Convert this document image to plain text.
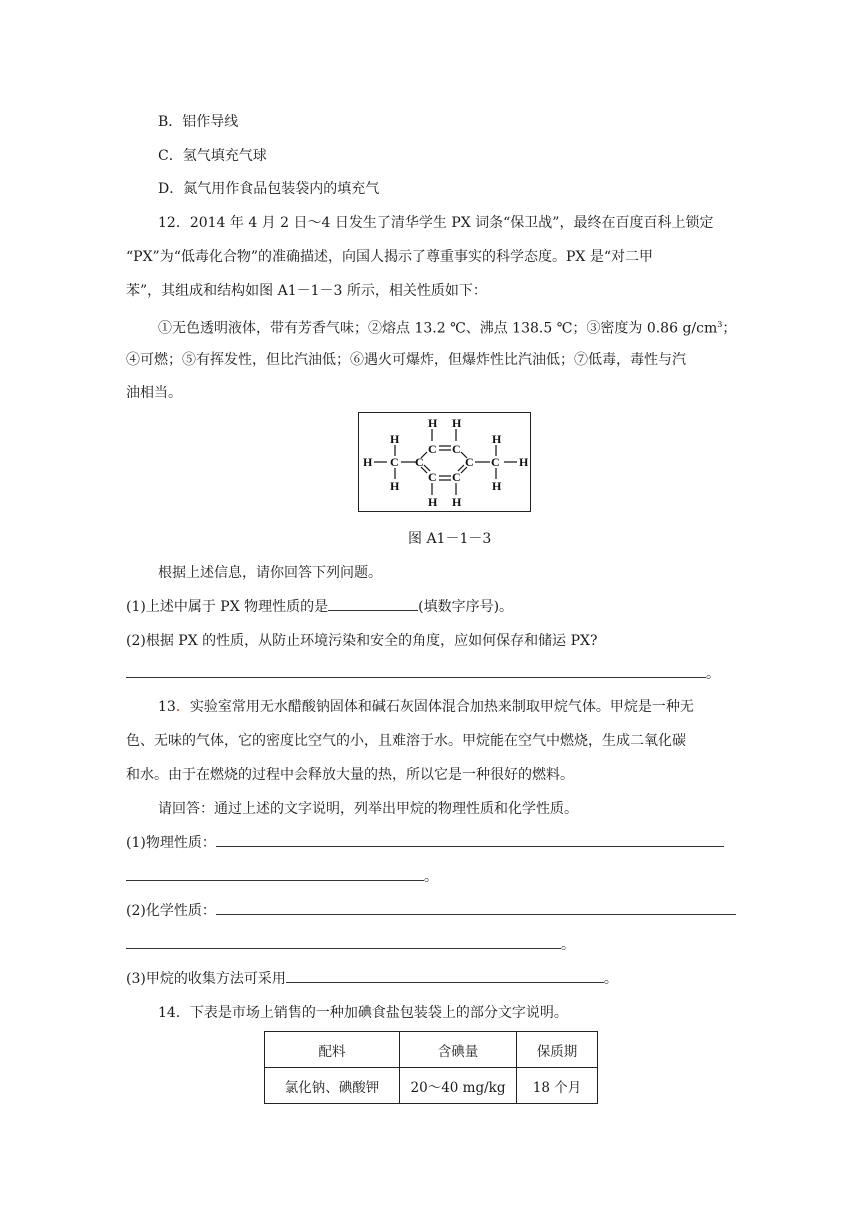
B．铝作导线
C．氢气填充气球
D．氮气用作食品包装袋内的填充气
12．2014 年 4 月 2 日～4 日发生了清华学生 PX 词条“保卫战”，最终在百度百科上锁定
“PX”为“低毒化合物”的准确描述，向国人揭示了尊重事实的科学态度。PX 是“对二甲
苯”，其组成和结构如图 A1－1－3 所示，相关性质如下：
①无色透明液体，带有芳香气味；②熔点 13.2 ℃、沸点 138.5 ℃；③密度为 0.86 $g/cm^3$；
④可燃；⑤有挥发性，但比汽油低；⑥遇火可爆炸，但爆炸性比汽油低；⑦低毒，毒性与汽
油相当。
H
H
H
H H
H H
H
H
H
C C
C C
C C
C C
图 A1－1－3
根据上述信息，请你回答下列问题。
(1)上述中属于 PX 物理性质的是	(填数字序号)。
(2)根据 PX 的性质，从防止环境污染和安全的角度，应如何保存和储运 PX?
。
13．实验室常用无水醋酸钠固体和碱石灰固体混合加热来制取甲烷气体。甲烷是一种无
色、无味的气体，它的密度比空气的小，且难溶于水。甲烷能在空气中燃烧，生成二氧化碳
和水。由于在燃烧的过程中会释放大量的热，所以它是一种很好的燃料。
请回答：通过上述的文字说明，列举出甲烷的物理性质和化学性质。
(1)物理性质：
。
(2)化学性质：
。
(3)甲烷的收集方法可采用	。
14．下表是市场上销售的一种加碘食盐包装袋上的部分文字说明。
配料	含碘量	保质期
氯化钠、碘酸钾	20～40 mg/kg	18 个月
